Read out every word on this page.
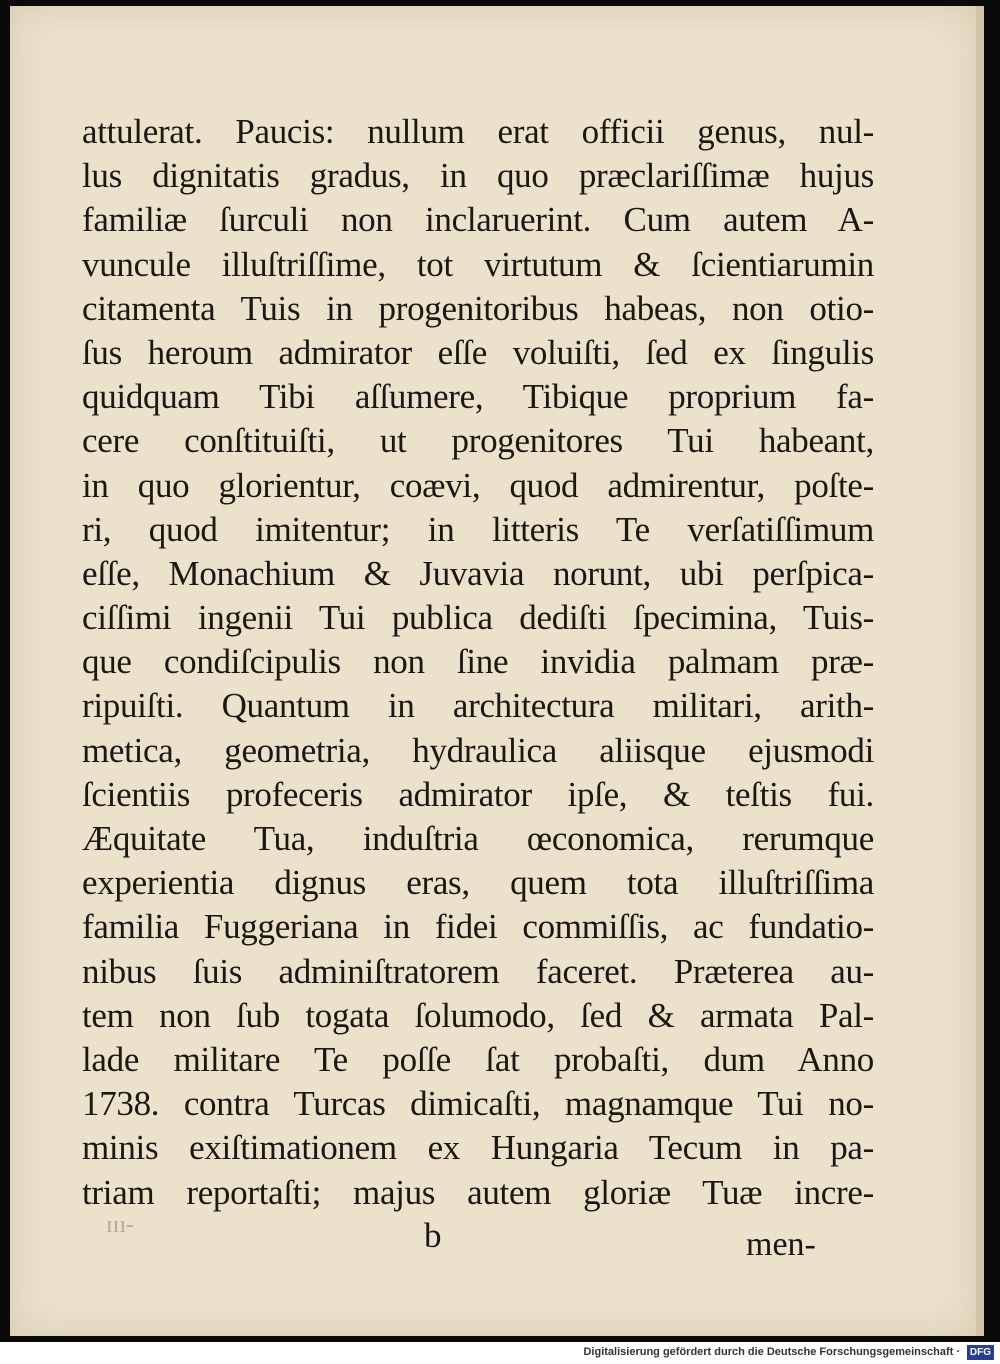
attulerat. Paucis: nullum erat officii genus, nul-
lus dignitatis gradus, in quo præclariſſimæ hujus
familiæ ſurculi non inclaruerint. Cum autem A-
vunculе illuſtriſſime, tot virtutum & ſcientiarumin
citamenta Tuis in progenitoribus habeas, non otio-
ſus heroum admirator eſſe voluiſti, ſed ex ſingulis
quidquam Tibi aſſumere, Tibique proprium fa-
cere conſtituiſti, ut progenitores Tui habeant,
in quo glorientur, coævi, quod admirentur, poſte-
ri, quod imitentur; in litteris Te verſatiſſimum
eſſe, Monachium & Juvavia norunt, ubi perſpica-
ciſſimi ingenii Tui publica dediſti ſpecimina, Tuis-
que condiſcipulis non ſine invidia palmam præ-
ripuiſti. Quantum in architectura militari, arith-
metica, geometria, hydraulica aliisque ejusmodi
ſcientiis profeceris admirator ipſe, & teſtis fui.
Æquitate Tua, induſtria œconomica, rerumque
experientia dignus eras, quem tota illuſtriſſima
familia Fuggeriana in fidei commiſſis, ac fundatio-
nibus ſuis adminiſtratorem faceret. Præterea au-
tem non ſub togata ſolumodo, ſed & armata Pal-
lade militare Te poſſe ſat probaſti, dum Anno
1738. contra Turcas dimicaſti, magnamque Tui no-
minis exiſtimationem ex Hungaria Tecum in pa-
triam reportaſti; majus autem gloriæ Tuæ incre-
ɪɪɪ-	b	men-
Digitalisierung gefördert durch die Deutsche Forschungsgemeinschaft · DFG
